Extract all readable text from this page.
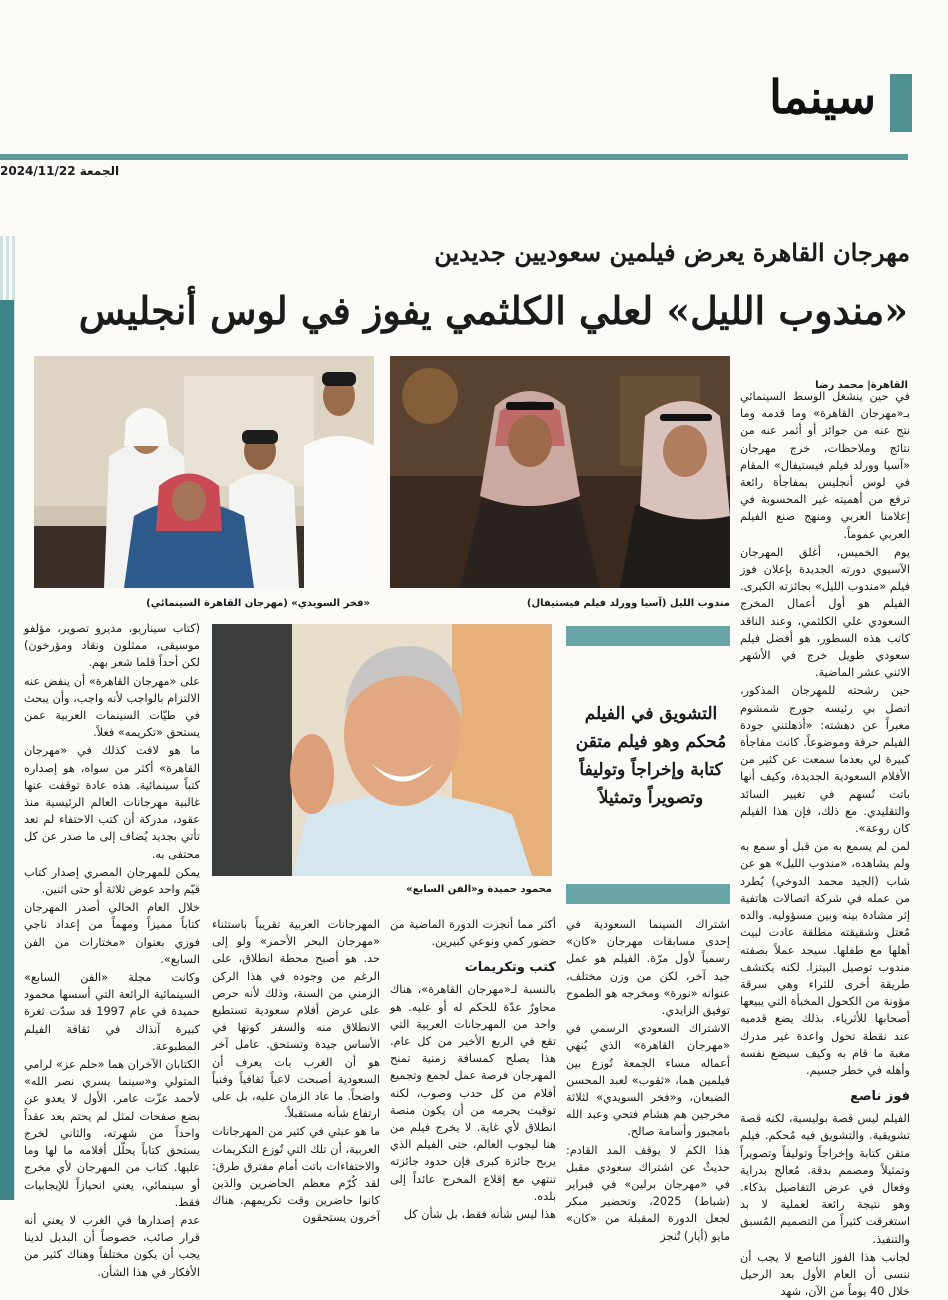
سينما
الجمعة 2024/11/22
مهرجان القاهرة يعرض فيلمين سعوديين جديدين
«مندوب الليل» لعلي الكلثمي يفوز في لوس أنجليس
القاهرة| محمد رضا
مندوب الليل (آسيا وورلد فيلم فيستيفال)
«فخر السويدي» (مهرجان القاهرة السينمائي)
محمود حميدة و«الفن السابع»
التشويق في الفيلم مُحكم وهو فيلم متقن كتابة وإخراجاً وتوليفاً وتصويراً وتمثيلاً

في حين ينشغل الوسط السينمائي بـ«مهرجان القاهرة» وما قدمه وما نتج عنه من جوائز أو أثمر عنه من نتائج وملاحظات، خرج مهرجان «آسيا وورلد فيلم فيستيفال» المقام في لوس أنجليس بمفاجأة رائعة ترفع من أهميته غير المحسوبة في إعلامنا العربي ومنهج صنع الفيلم العربي عموماً.

يوم الخميس، أغلق المهرجان الآسيوي دورته الجديدة بإعلان فوز فيلم «مندوب الليل» بجائزته الكبرى. الفيلم هو أول أعمال المخرج السعودي علي الكلثمي، وعند الناقد كاتب هذه السطور، هو أفضل فيلم سعودي طويل خرج في الأشهر الاثني عشر الماضية.

حين رشحته للمهرجان المذكور، اتصل بي رئيسه جورج شمشوم معبراً عن دهشته: «أذهلتني جودة الفيلم حرفة وموضوعاً. كانت مفاجأة كبيرة لي بعدما سمعت عن كثير من الأفلام السعودية الجديدة، وكيف أنها باتت تُسهم في تغيير السائد والتقليدي. مع ذلك، فإن هذا الفيلم كان روعة».

لمن لم يسمع به من قبل أو سمع به ولم يشاهده، «مندوب الليل» هو عن شاب (الجيد محمد الدوخي) يُطرد من عمله في شركة اتصالات هاتفية إثر مشادة بينه وبين مسؤوليه. والده مُعتل وشقيقته مطلقة عادت لبيت أهلها مع طفلها. سيجد عملاً بصفته مندوب توصيل البيتزا. لكنه يكتشف طريقة أخرى للثراء وهي سرقة مؤونة من الكحول المخبأة التي يبيعها أصحابها للأثرياء. بذلك يضع قدميه عند نقطة تحول واعدة غير مدرك مغبة ما قام به وكيف سيضع نفسه وأهله في خطر جسيم.

فوز ناصع

الفيلم ليس قصة بوليسية، لكنه قصة تشويقية. والتشويق فيه مُحكم. فيلم متقن كتابة وإخراجاً وتوليفاً وتصويراً وتمثيلاً ومصمم بدقة. مُعالج بدراية وفعال في عرض التفاصيل بذكاء. وهو نتيجة رائعة لعملية لا بد استغرقت كثيراً من التصميم المُسبق والتنفيذ.

لجانب هذا الفوز الناصع لا يجب أن ننسى أن العام الأول بعد الرحيل خلال 40 يوماً من الآن، شهد

اشتراك السينما السعودية في إحدى مسابقات مهرجان «كان» رسمياً لأول مرّة. الفيلم هو عمل جيد آخر، لكن من وزن مختلف، عنوانه «نورة» ومخرجه هو الطموح توفيق الزايدي.

الاشتراك السعودي الرسمي في «مهرجان القاهرة» الذي يُنهي أعماله مساء الجمعة تُوزع بين فيلمين هما، «ثقوب» لعبد المحسن الضبعان، و«فخر السويدي» لثلاثة مخرجين هم هشام فتحي وعبد الله بامجبور وأسامة صالح.

هذا الكم لا يوقف المد القادم: حديثٌ عن اشتراك سعودي مقبل في «مهرجان برلين» في فبراير (شباط) 2025، وتحضير مبكر لجعل الدورة المقبلة من «كان» مايو (أيار) تُنجز

أكثر مما أنجزت الدورة الماضية من حضور كمي ونوعي كبيرين.

كتب وتكريمات

بالنسبة لـ«مهرجان القاهرة»، هناك محاورٌ عدّة للحكم له أو عليه. هو واحد من المهرجانات العربية التي تقع في الربع الأخير من كل عام. هذا يصلح كمسافة زمنية تمنح المهرجان فرصة عمل لجمع وتجميع أفلام من كل حدب وصوب، لكنه توقيت يحرمه من أن يكون منصة انطلاق لأي غاية. لا يخرج فيلم من هنا ليجوب العالم، حتى الفيلم الذي يربح جائزة كبرى فإن حدود جائزته تنتهي مع إقلاع المخرج عائداً إلى بلده.

هذا ليس شأنه فقط، بل شأن كل

المهرجانات العربية تقريباً باستثناء «مهرجان البحر الأحمر» ولو إلى حد. هو أصبح محطة انطلاق، على الرغم من وجوده في هذا الركن الزمني من السنة، وذلك لأنه حرص على عرض أفلام سعودية تستطيع الانطلاق منه والسفر كونها في الأساس جيدة وتستحق. عامل آخر هو أن الغرب بات يعرف أن السعودية أصبحت لاعباً ثقافياً وفنياً واضحاً. ما عاد الزمان عليه، بل على ارتفاع شأنه مستقبلاً.

ما هو عبثي في كثير من المهرجانات العربية، أن تلك التي تُوزع التكريمات والاحتفاءات باتت أمام مفترق طرق: لقد كُرّم معظم الحاضرين والذين كانوا حاضرين وقت تكريمهم. هناك آخرون يستحقون

(كتاب سيناريو، مديرو تصوير، مؤلفو موسيقى، ممثلون ونقاد ومؤرخون) لكن أحداً قلما شعر بهم.

على «مهرجان القاهرة» أن ينفض عنه الالتزام بالواجب لأنه واجب، وأن يبحث في طيّات السينمات العربية عمن يستحق «تكريمه» فعلاً.

ما هو لافت كذلك في «مهرجان القاهرة» أكثر من سواه، هو إصداره كتباً سينمائية. هذه عادة توقفت عنها غالبية مهرجانات العالم الرئيسية منذ عقود، مدركة أن كتب الاحتفاء لم تعد تأتي بجديد يُضاف إلى ما صدر عن كل محتفى به.

يمكن للمهرجان المصري إصدار كتاب قيّم واحد عوض ثلاثة أو حتى اثنين.

خلال العام الحالي أصدر المهرجان كتاباً مميزاً ومهماً من إعداد ناجي فوزي بعنوان «مختارات من الفن السابع».

وكانت مجلة «الفن السابع» السينمائية الرائعة التي أسسها محمود حميدة في عام 1997 قد سدّت ثغرة كبيرة آنذاك في ثقافة الفيلم المطبوعة.

الكتابان الآخران هما «حلم عز» لرامي المتولي و«سينما يسري نصر الله» لأحمد عزّت عامر. الأول لا يعدو عن بضع صفحات لمثل لم يحتم بعد عقداً واحداً من شهرته، والثاني لخرج يستحق كتاباً يحلّل أفلامه ما لها وما عليها. كتاب من المهرجان لأي مخرج أو سينمائي، يعني انحيازاً للإيجابيات فقط.

عدم إصدارها في الغرب لا يعني أنه قرار صائب، خصوصاً أن البديل لدينا يجب أن يكون مختلفاً وهناك كثير من الأفكار في هذا الشأن.
